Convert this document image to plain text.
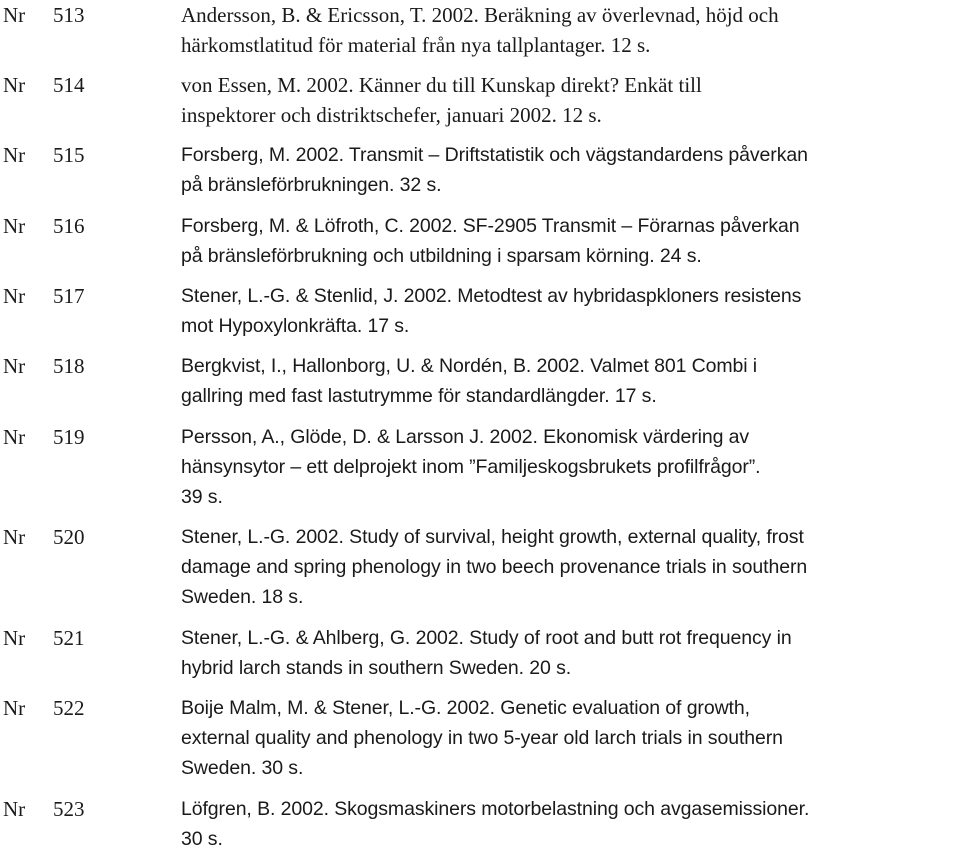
Nr 513	Andersson, B. & Ericsson, T. 2002. Beräkning av överlevnad, höjd och
härkomstlatitud för material från nya tallplantager. 12 s.
Nr 514	von Essen, M. 2002. Känner du till Kunskap direkt? Enkät till
inspektorer och distriktschefer, januari 2002. 12 s.
Nr 515	Forsberg, M. 2002. Transmit – Driftstatistik och vägstandardens påverkan
på bränsleförbrukningen. 32 s.
Nr 516	Forsberg, M. & Löfroth, C. 2002. SF-2905 Transmit – Förarnas påverkan
på bränsleförbrukning och utbildning i sparsam körning. 24 s.
Nr 517	Stener, L.-G. & Stenlid, J. 2002. Metodtest av hybridaspkloners resistens
mot Hypoxylonkräfta. 17 s.
Nr 518	Bergkvist, I., Hallonborg, U. & Nordén, B. 2002. Valmet 801 Combi i
gallring med fast lastutrymme för standardlängder. 17 s.
Nr 519	Persson, A., Glöde, D. & Larsson J. 2002. Ekonomisk värdering av
hänsynsytor – ett delprojekt inom ”Familjeskogsbrukets profilfrågor”.
39 s.
Nr 520	Stener, L.-G. 2002. Study of survival, height growth, external quality, frost
damage and spring phenology in two beech provenance trials in southern
Sweden. 18 s.
Nr 521	Stener, L.-G. & Ahlberg, G. 2002. Study of root and butt rot frequency in
hybrid larch stands in southern Sweden. 20 s.
Nr 522	Boije Malm, M. & Stener, L.-G. 2002. Genetic evaluation of growth,
external quality and phenology in two 5-year old larch trials in southern
Sweden. 30 s.
Nr 523	Löfgren, B. 2002. Skogsmaskiners motorbelastning och avgasemissioner.
30 s.
